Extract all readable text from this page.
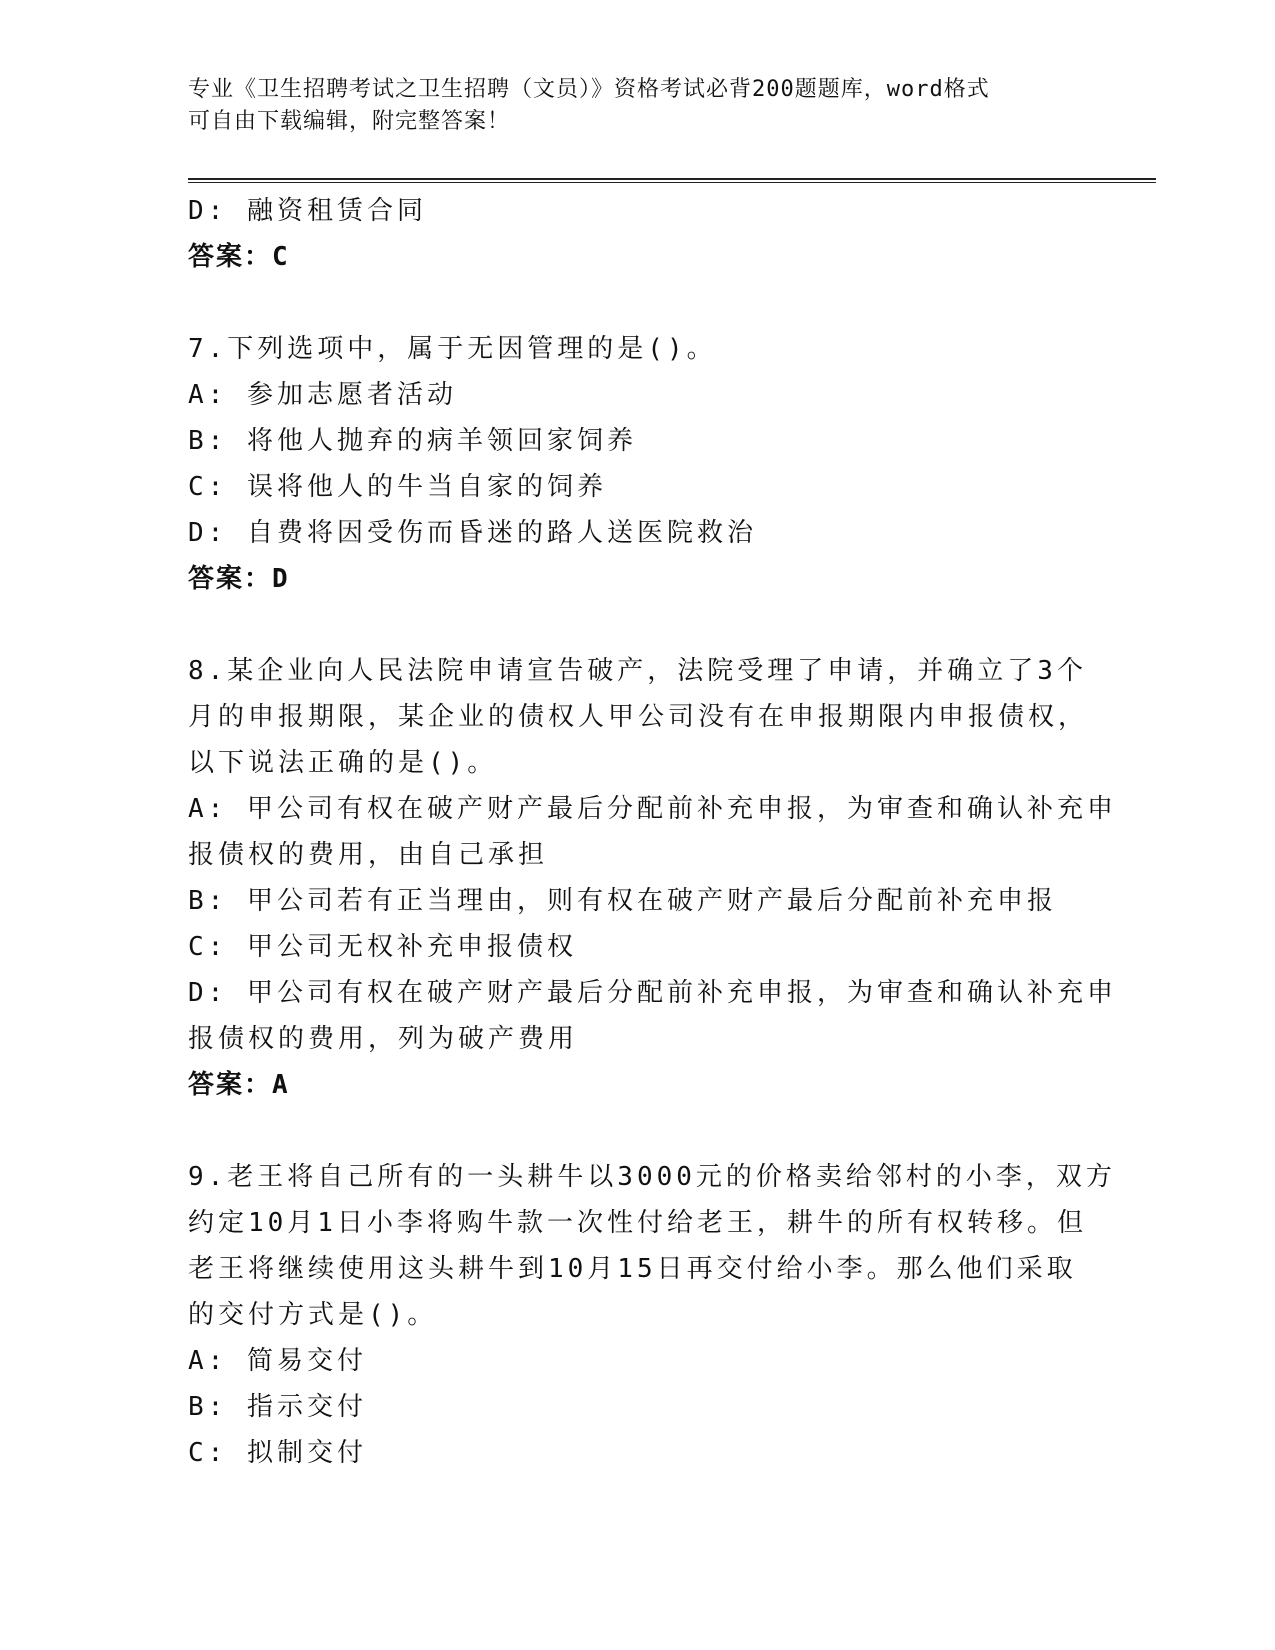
专业《卫生招聘考试之卫生招聘（文员）》资格考试必背200题题库，word格式
可自由下载编辑，附完整答案！
D: 融资租赁合同
答案：C
7.下列选项中，属于无因管理的是()。
A: 参加志愿者活动
B: 将他人抛弃的病羊领回家饲养
C: 误将他人的牛当自家的饲养
D: 自费将因受伤而昏迷的路人送医院救治
答案：D
8.某企业向人民法院申请宣告破产，法院受理了申请，并确立了3个
月的申报期限，某企业的债权人甲公司没有在申报期限内申报债权，
以下说法正确的是()。
A: 甲公司有权在破产财产最后分配前补充申报，为审查和确认补充申
报债权的费用，由自己承担
B: 甲公司若有正当理由，则有权在破产财产最后分配前补充申报
C: 甲公司无权补充申报债权
D: 甲公司有权在破产财产最后分配前补充申报，为审查和确认补充申
报债权的费用，列为破产费用
答案：A
9.老王将自己所有的一头耕牛以3000元的价格卖给邻村的小李，双方
约定10月1日小李将购牛款一次性付给老王，耕牛的所有权转移。但
老王将继续使用这头耕牛到10月15日再交付给小李。那么他们采取
的交付方式是()。
A: 简易交付
B: 指示交付
C: 拟制交付
